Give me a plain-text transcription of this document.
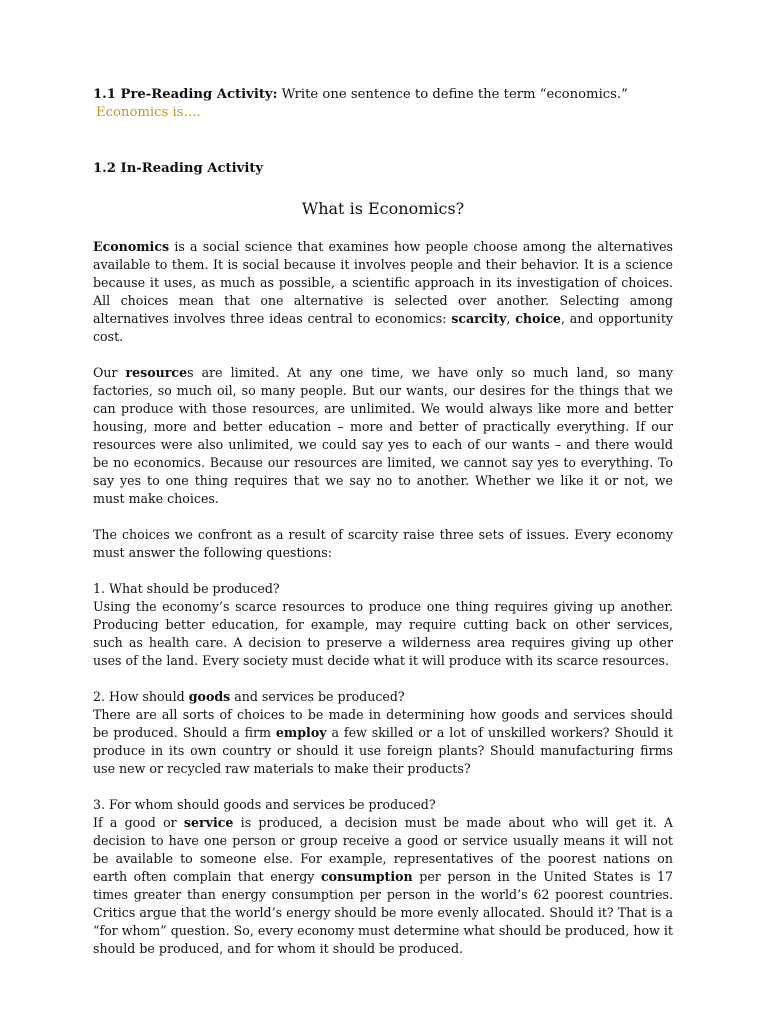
1.1 Pre-Reading Activity: Write one sentence to define the term “economics.”
Economics is….
1.2 In-Reading Activity
What is Economics?

Economics is a social science that examines how people choose among the alternatives available to them. It is social because it involves people and their behavior. It is a science because it uses, as much as possible, a scientific approach in its investigation of choices. All choices mean that one alternative is selected over another. Selecting among alternatives involves three ideas central to economics: scarcity, choice, and opportunity cost.

Our resources are limited. At any one time, we have only so much land, so many factories, so much oil, so many people. But our wants, our desires for the things that we can produce with those resources, are unlimited. We would always like more and better housing, more and better education – more and better of practically everything. If our resources were also unlimited, we could say yes to each of our wants – and there would be no economics. Because our resources are limited, we cannot say yes to everything. To say yes to one thing requires that we say no to another. Whether we like it or not, we must make choices.

The choices we confront as a result of scarcity raise three sets of issues. Every economy must answer the following questions:

1. What should be produced?

Using the economy’s scarce resources to produce one thing requires giving up another. Producing better education, for example, may require cutting back on other services, such as health care. A decision to preserve a wilderness area requires giving up other uses of the land. Every society must decide what it will produce with its scarce resources.

2. How should goods and services be produced?

There are all sorts of choices to be made in determining how goods and services should be produced. Should a firm employ a few skilled or a lot of unskilled workers? Should it produce in its own country or should it use foreign plants? Should manufacturing firms use new or recycled raw materials to make their products?

3. For whom should goods and services be produced?

If a good or service is produced, a decision must be made about who will get it. A decision to have one person or group receive a good or service usually means it will not be available to someone else. For example, representatives of the poorest nations on earth often complain that energy consumption per person in the United States is 17 times greater than energy consumption per person in the world’s 62 poorest countries. Critics argue that the world’s energy should be more evenly allocated. Should it? That is a “for whom” question. So, every economy must determine what should be produced, how it should be produced, and for whom it should be produced.
